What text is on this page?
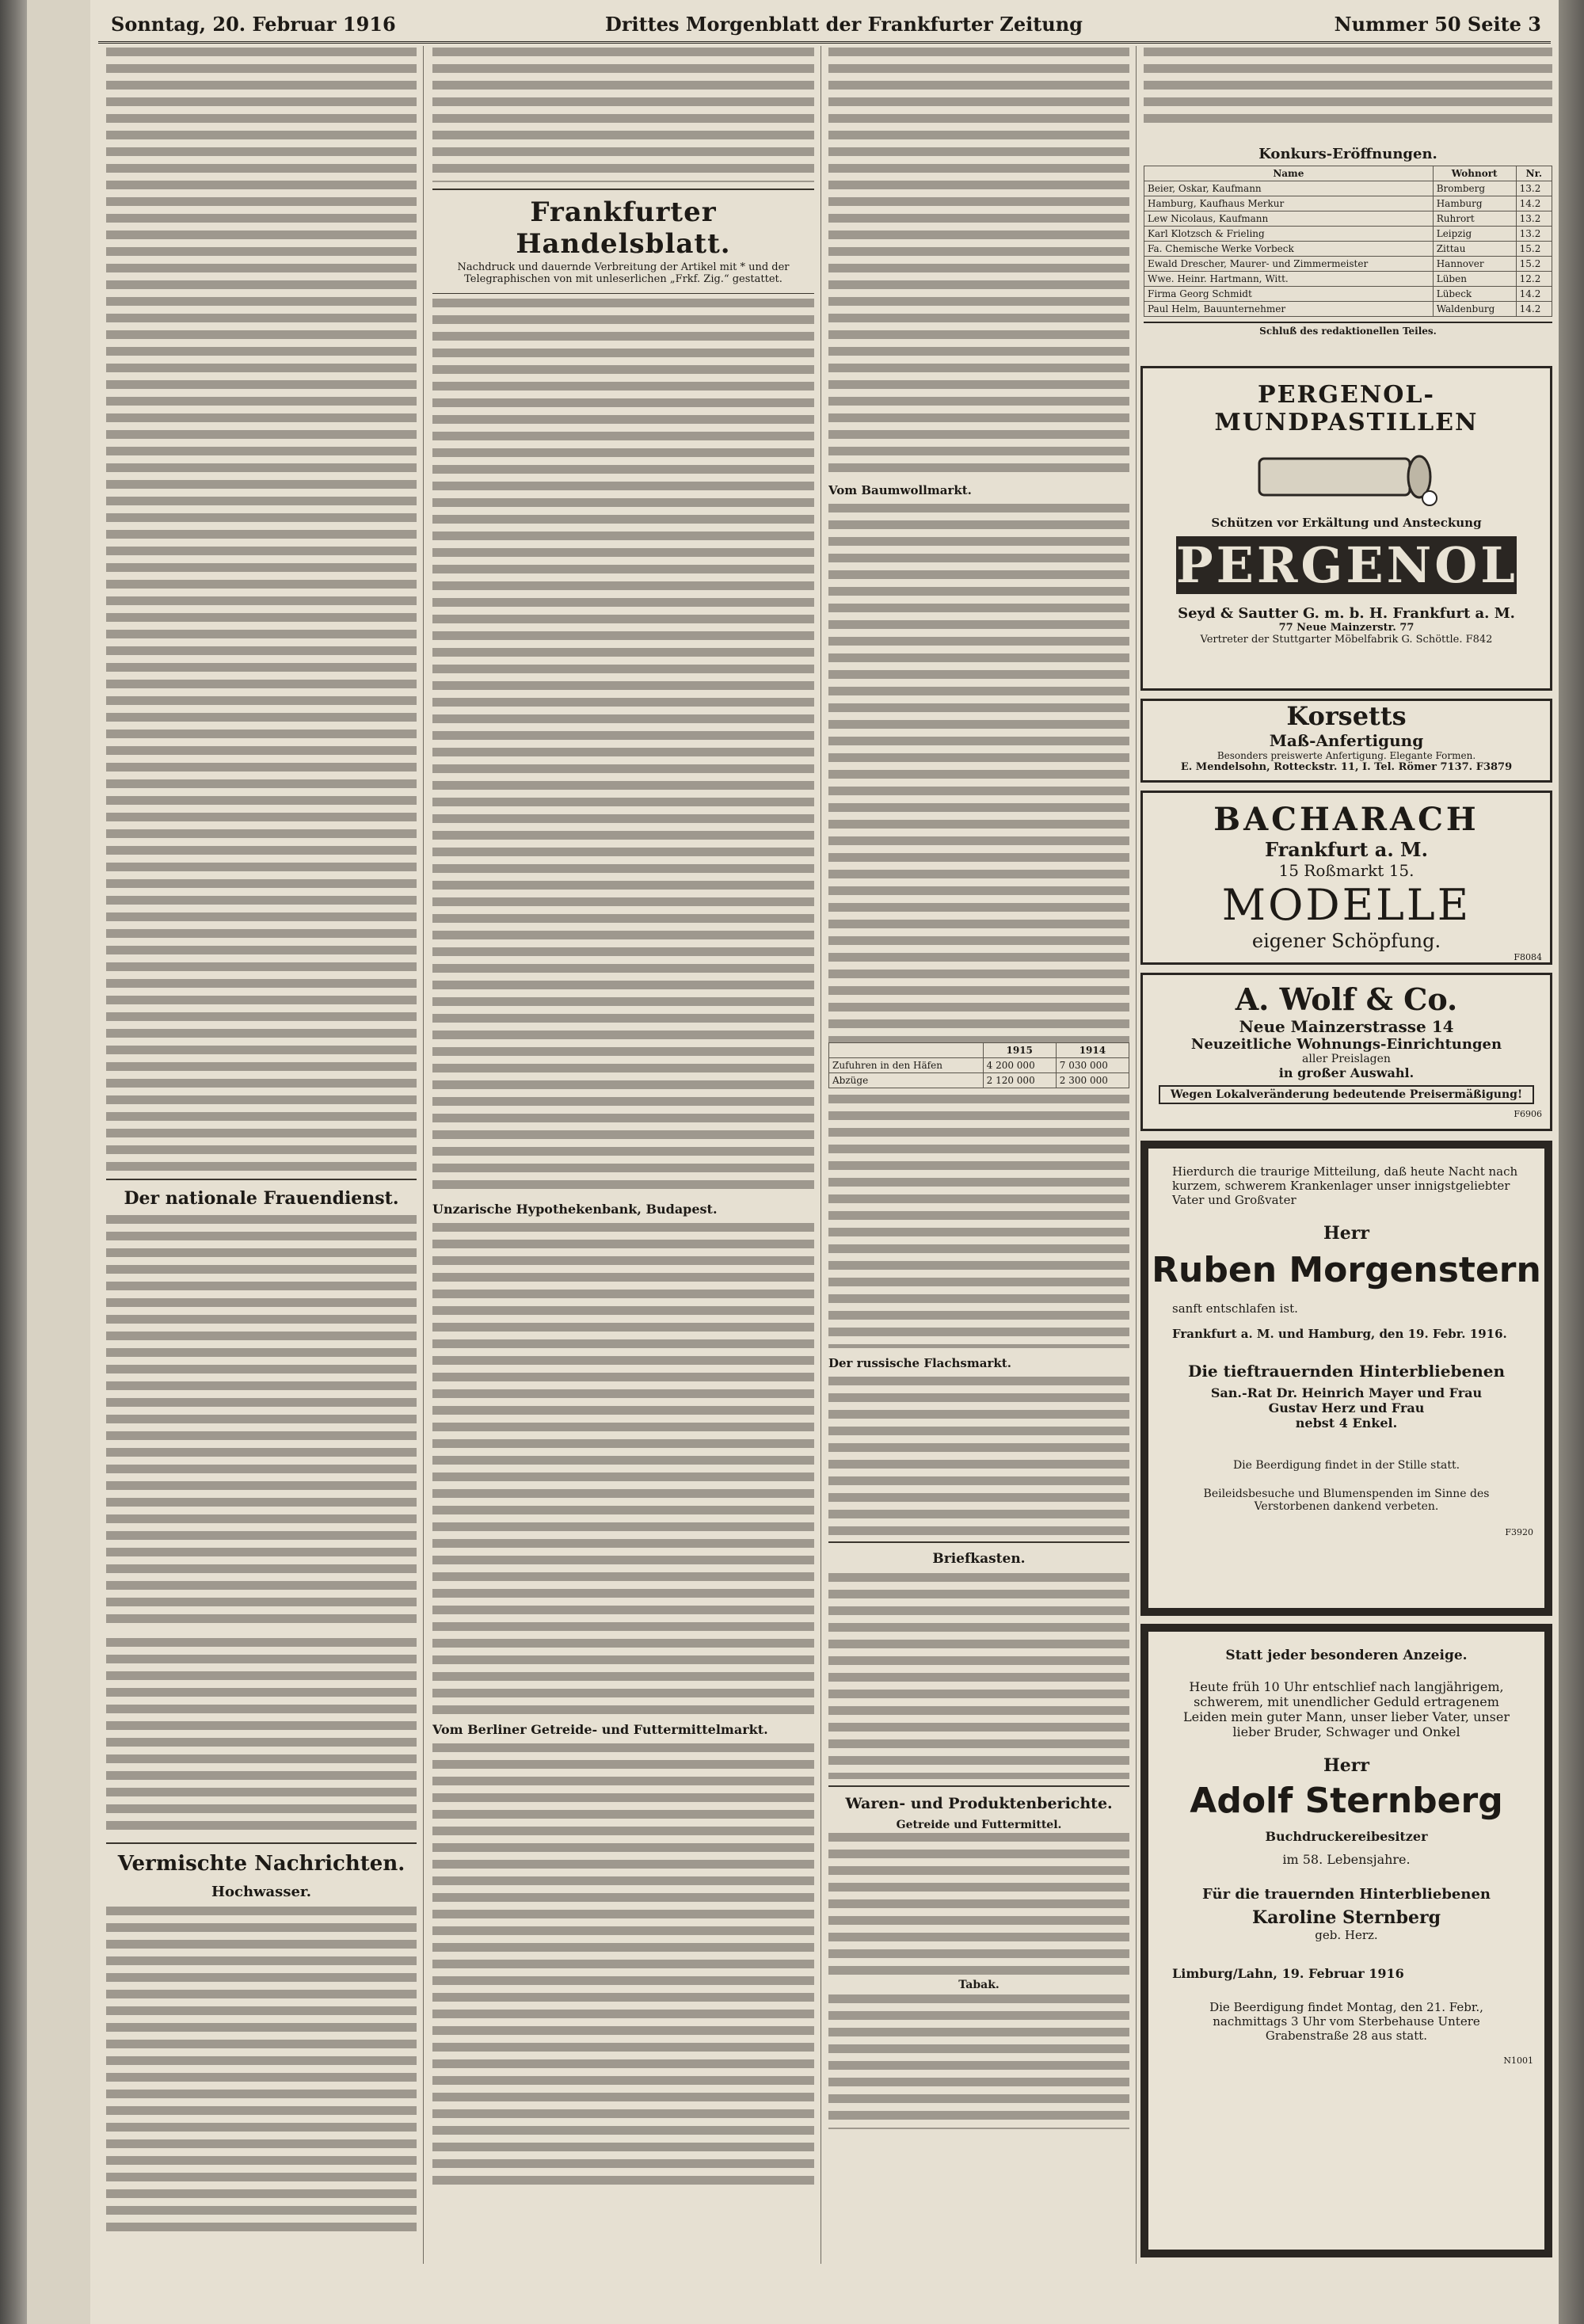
Sonntag, 20. Februar 1916	Drittes Morgenblatt der Frankfurter Zeitung	Nummer 50 Seite 3
Der nationale Frauendienst.
Vermischte Nachrichten.
Hochwasser.
Frankfurter Handelsblatt.
Nachdruck und dauernde Verbreitung der Artikel mit * und der Telegraphischen von mit unleserlichen „Frkf. Zig.“ gestattet.
Unzarische Hypothekenbank, Budapest.
Vom Berliner Getreide- und Futtermittelmarkt.
Vom Baumwollmarkt.
	1915	1914
Zufuhren in den Häfen	4 200 000	7 030 000
Abzüge	2 120 000	2 300 000
Der russische Flachsmarkt.
Briefkasten.
Waren- und Produktenberichte.
Getreide und Futtermittel.
Tabak.
Konkurs-Eröffnungen.
Name	Wohnort	Nr.
Beier, Oskar, Kaufmann	Bromberg	13.2
Hamburg, Kaufhaus Merkur	Hamburg	14.2
Lew Nicolaus, Kaufmann	Ruhrort	13.2
Karl Klotzsch & Frieling	Leipzig	13.2
Fa. Chemische Werke Vorbeck	Zittau	15.2
Ewald Drescher, Maurer- und Zimmermeister	Hannover	15.2
Wwe. Heinr. Hartmann, Witt.	Lüben	12.2
Firma Georg Schmidt	Lübeck	14.2
Paul Helm, Bauunternehmer	Waldenburg	14.2
Schluß des redaktionellen Teiles.
PERGENOL-MUNDPASTILLEN
Schützen vor Erkältung und Ansteckung
PERGENOL
Seyd & Sautter G. m. b. H. Frankfurt a. M.
77 Neue Mainzerstr. 77
Vertreter der Stuttgarter Möbelfabrik G. Schöttle. F842
Korsetts
Maß-Anfertigung
Besonders preiswerte Anfertigung. Elegante Formen.
E. Mendelsohn, Rotteckstr. 11, I. Tel. Römer 7137. F3879
BACHARACH
Frankfurt a. M.
15 Roßmarkt 15.
MODELLE
eigener Schöpfung.
F8084
A. Wolf & Co.
Neue Mainzerstrasse 14
Neuzeitliche Wohnungs-Einrichtungen
aller Preislagen
in großer Auswahl.
Wegen Lokalveränderung bedeutende Preisermäßigung!
F6906
Hierdurch die traurige Mitteilung, daß heute Nacht nach kurzem, schwerem Krankenlager unser innigstgeliebter Vater und Großvater
Herr
Ruben Morgenstern
sanft entschlafen ist.
Frankfurt a. M. und Hamburg, den 19. Febr. 1916.
Die tieftrauernden Hinterbliebenen
San.-Rat Dr. Heinrich Mayer und Frau
Gustav Herz und Frau
nebst 4 Enkel.
Die Beerdigung findet in der Stille statt.
Beileidsbesuche und Blumenspenden im Sinne des Verstorbenen dankend verbeten.
F3920
Statt jeder besonderen Anzeige.
Heute früh 10 Uhr entschlief nach langjährigem, schwerem, mit unendlicher Geduld ertragenem Leiden mein guter Mann, unser lieber Vater, unser lieber Bruder, Schwager und Onkel
Herr
Adolf Sternberg
Buchdruckereibesitzer
im 58. Lebensjahre.
Für die trauernden Hinterbliebenen
Karoline Sternberg
geb. Herz.
Limburg/Lahn, 19. Februar 1916
Die Beerdigung findet Montag, den 21. Febr., nachmittags 3 Uhr vom Sterbehause Untere Grabenstraße 28 aus statt.
N1001
